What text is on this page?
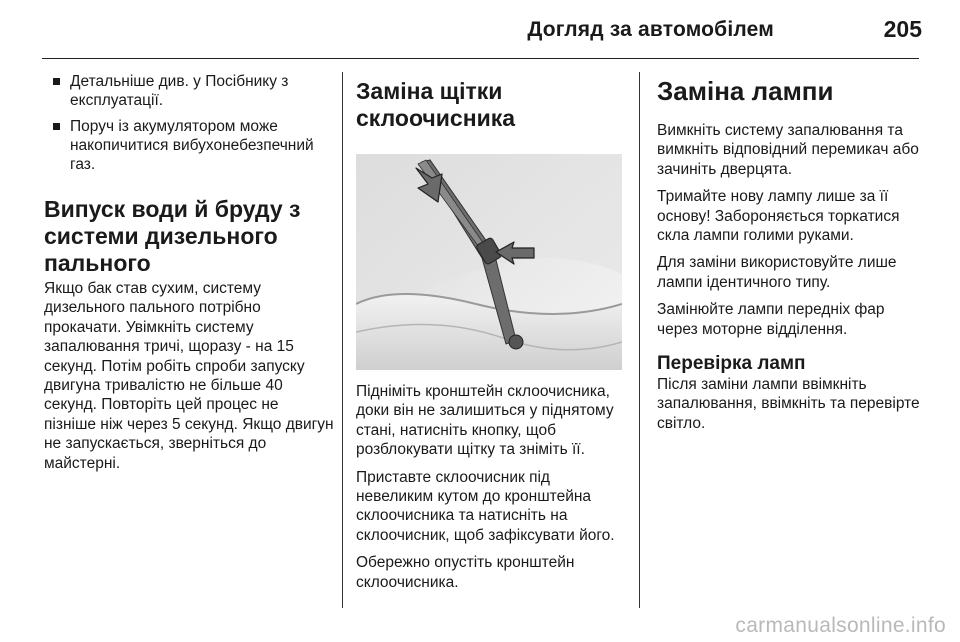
Догляд за автомобілем	205
Детальніше див. у Посібнику з експлуатації.
Поруч із акумулятором може накопичитися вибухонебезпечний газ.
Випуск води й бруду з системи дизельного пального

Якщо бак став сухим, систему дизельного пального потрібно прокачати. Увімкніть систему запалювання тричі, щоразу - на 15 секунд. Потім робіть спроби запуску двигуна тривалістю не більше 40 секунд. Повторіть цей процес не пізніше ніж через 5 секунд. Якщо двигун не запускається, зверніться до майстерні.

Заміна щітки склоочисника

Підніміть кронштейн склоочисника, доки він не залишиться у піднятому стані, натисніть кнопку, щоб розблокувати щітку та зніміть її.

Приставте склоочисник під невеликим кутом до кронштейна склоочисника та натисніть на склоочисник, щоб зафіксувати його.

Обережно опустіть кронштейн склоочисника.

Заміна лампи

Вимкніть систему запалювання та вимкніть відповідний перемикач або зачиніть дверцята.

Тримайте нову лампу лише за її основу! Забороняється торкатися скла лампи голими руками.

Для заміни використовуйте лише лампи ідентичного типу.

Замінюйте лампи передніх фар через моторне відділення.

Перевірка ламп

Після заміни лампи ввімкніть запалювання, ввімкніть та перевірте світло.

carmanualsonline.info
